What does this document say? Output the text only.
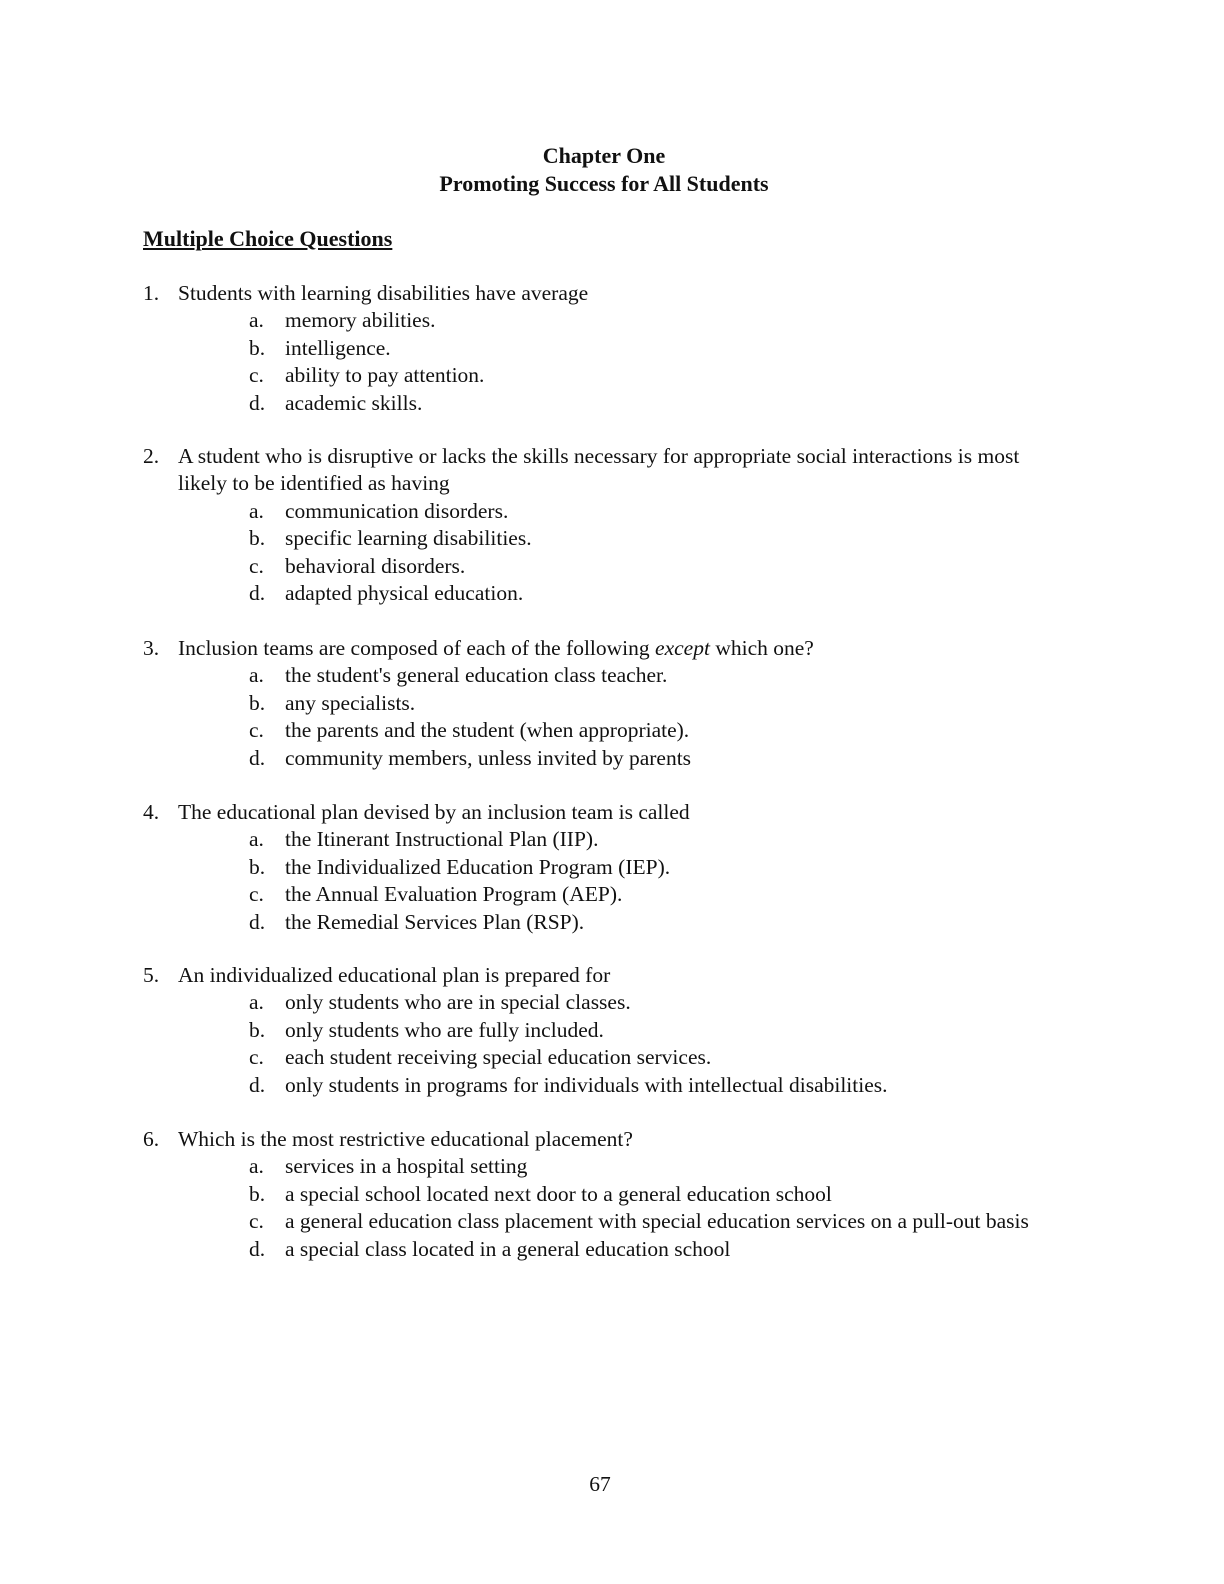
Chapter One
Promoting Success for All Students
Multiple Choice Questions
1. Students with learning disabilities have average
a. memory abilities.
b. intelligence.
c. ability to pay attention.
d. academic skills.
2. A student who is disruptive or lacks the skills necessary for appropriate social interactions is most likely to be identified as having
a. communication disorders.
b. specific learning disabilities.
c. behavioral disorders.
d. adapted physical education.
3. Inclusion teams are composed of each of the following except which one?
a. the student's general education class teacher.
b. any specialists.
c. the parents and the student (when appropriate).
d. community members, unless invited by parents
4. The educational plan devised by an inclusion team is called
a. the Itinerant Instructional Plan (IIP).
b. the Individualized Education Program (IEP).
c. the Annual Evaluation Program (AEP).
d. the Remedial Services Plan (RSP).
5. An individualized educational plan is prepared for
a. only students who are in special classes.
b. only students who are fully included.
c. each student receiving special education services.
d. only students in programs for individuals with intellectual disabilities.
6. Which is the most restrictive educational placement?
a. services in a hospital setting
b. a special school located next door to a general education school
c. a general education class placement with special education services on a pull-out basis
d. a special class located in a general education school
67
